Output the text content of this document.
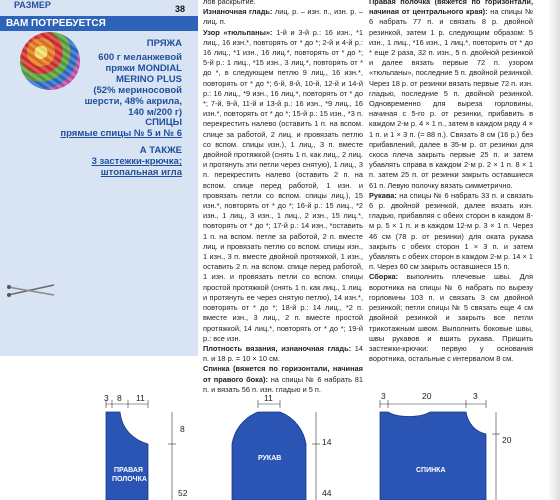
РАЗМЕР	38
ВАМ ПОТРЕБУЕТСЯ
ПРЯЖА
600 г меланжевой
пряжи MONDIAL
MERINO PLUS
(52% мериносовой
шерсти, 48% акрила,
140 м/200 г)
СПИЦЫ
прямые спицы № 5 и № 6
А ТАКЖЕ
3 застежки-крючка;
штопальная игла

лов раскрытие.

Изнаночная гладь: лиц. р. – изн. п., изн. р. – лиц. п.

Узор «тюльпаны»: 1-й и 3-й р.: 16 изн., *1 лиц., 16 изн.*, повторять от * до *; 2-й и 4-й р.: 16 лиц., *1 изн., 16 лиц.*, повторять от * до *; 5-й р.: 1 лиц., *15 изн., 3 лиц.*, повторять от * до *, в следующем петлю 9 лиц., 16 изн.*, повторять от * до *; 6-й, 8-й, 10-й, 12-й и 14-й р.: 16 лиц., *9 изн., 16 лиц.*, повторять от * до *; 7-й, 9-й, 11-й и 13-й р.: 16 изн., *9 лиц., 16 изн.*, повторять от * до *; 15-й р.: 15 изн., *3 п. перекрестить налево (оставить 1 п. на вспом. спице за работой, 2 лиц. и провязать петлю со вспом. спицы изн.), 1 лиц., 3 п. вместе двойной протяжкой (снять 1 п. как лиц., 2 лиц. и протянуть эти петли через снятую), 1 лиц., 3 п. перекрестить налево (оставить 2 п. на вспом. спице перед работой, 1 изн. и провязать петли со вспом. спицы лиц.), 15 изн.*, повторять от * до *; 16-й р.: 15 лиц., *2 изн., 1 лиц., 3 изн., 1 лиц., 2 изн., 15 лиц.*, повторять от * до *; 17-й р.: 14 изн., *оставить 1 п. на вспом. петле за работой, 2 п. вместе лиц. и провязать петлю со вспом. спицы изн., 1 изн., 3 п. вместе двойной протяжкой, 1 изн., оставить 2 п. на вспом. спице перед работой, 1 изн. и провязать петли со вспом. спицы простой протяжкой (снять 1 п. как лиц., 1 лиц. и протянуть ее через снятую петлю), 14 изн.*, повторять от * до *; 18-й р.: 14 лиц., *2 п. вместе изн., 3 лиц., 2 п. вместе простой протяжкой, 14 лиц.*, повторять от * до *; 19-й р.: все изн.

Плотность вязания, изнаночная гладь: 14 п. и 18 р. = 10 × 10 см.

Спинка (вяжется по горизонтали, начиная от правого бока): на спицы № 6 набрать 81 п. и вязать 56 п. изн. гладью и 5 п.

Правая полочка (вяжется по горизонтали, начиная от центрального края): на спицы № 6 набрать 77 п. и связать 8 р. двойной резинкой, затем 1 р. следующим образом: 5 изн., 1 лиц., *16 изн., 1 лиц.*, повторить от * до * еще 2 раза, 32 п. изн., 5 п. двойной резинкой и далее вязать первые 72 п. узором «тюльпаны», последние 5 п. двойной резинкой. Через 18 р. от резинки вязать первые 72 п. изн. гладью, последние 5 п. двойной резинкой. Одновременно для выреза горловины, начиная с 5-го р. от резинки, прибавить в каждом 2-м р. 4 × 1 п., затем в каждом ряду 4 × 1 п. и 1 × 3 п. (= 88 п.). Связать 8 см (16 р.) без прибавлений, далее в 35-м р. от резинки для скоса плеча закрыть первые 25 п. и затем убавлять справа в каждом 2-м р. 2 × 1 п. 8 × 1 п. затем 25 п. от резинки закрыть оставшиеся 61 п. Левую полочку вязать симметрично.

Рукава: на спицы № 6 набрать 33 п. и связать 6 р. двойной резинкой, далее вязать изн. гладью, прибавляя с обеих сторон в каждом 8-м р. 5 × 1 п. и в каждом 12-м р. 3 × 1 п. Через 46 см (78 р. от резинки) для оката рукава закрыть с обеих сторон 1 × 3 п. и затем убавлять с обеих сторон в каждом 2-м р. 14 × 1 п. Через 60 см закрыть оставшиеся 15 п.

Сборка: выполнить плечевые швы. Для воротника на спицы № 6 набрать по вырезу горловины 103 п. и связать 3 см двойной резинкой; петли спицы № 5 связать еще 4 см двойной резинкой и закрыть все петли трикотажным швом. Выполнить боковые швы, швы рукавов и вшить рукава. Пришить застежки-крючки: первую у основания воротника, остальные с интервалом 8 см.

ПРАВАЯ
ПОЛОЧКА
3 8 11
8
52
РУКАВ
11
14
44
СПИНКА
3	20	3
20
